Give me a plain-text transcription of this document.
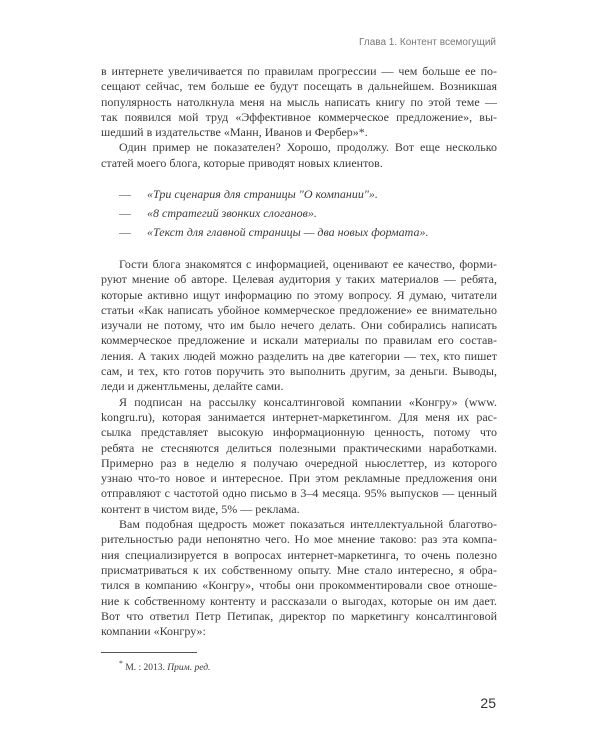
Глава 1. Контент всемогущий
в интернете увеличивается по правилам прогрессии — чем больше ее по-
сещают сейчас, тем больше ее будут посещать в дальнейшем. Возникшая
популярность натолкнула меня на мысль написать книгу по этой теме —
так появился мой труд «Эффективное коммерческое предложение», вы-
шедший в издательстве «Манн, Иванов и Фербер»*.
Один пример не показателен? Хорошо, продолжу. Вот еще несколько
статей моего блога, которые приводят новых клиентов.
— «Три сценария для страницы "О компании"».
— «8 стратегий звонких слоганов».
— «Текст для главной страницы — два новых формата».
Гости блога знакомятся с информацией, оценивают ее качество, форми-
руют мнение об авторе. Целевая аудитория у таких материалов — ребята,
которые активно ищут информацию по этому вопросу. Я думаю, читатели
статьи «Как написать убойное коммерческое предложение» ее внимательно
изучали не потому, что им было нечего делать. Они собирались написать
коммерческое предложение и искали материалы по правилам его состав-
ления. А таких людей можно разделить на две категории — тех, кто пишет
сам, и тех, кто готов поручить это выполнить другим, за деньги. Выводы,
леди и джентльмены, делайте сами.
Я подписан на рассылку консалтинговой компании «Конгру» (www.
kongru.ru), которая занимается интернет-маркетингом. Для меня их рас-
сылка представляет высокую информационную ценность, потому что
ребята не стесняются делиться полезными практическими наработками.
Примерно раз в неделю я получаю очередной ньюслеттер, из которого
узнаю что-то новое и интересное. При этом рекламные предложения они
отправляют с частотой одно письмо в 3–4 месяца. 95% выпусков — ценный
контент в чистом виде, 5% — реклама.
Вам подобная щедрость может показаться интеллектуальной благотво-
рительностью ради непонятно чего. Но мое мнение таково: раз эта компа-
ния специализируется в вопросах интернет-маркетинга, то очень полезно
присматриваться к их собственному опыту. Мне стало интересно, я обра-
тился в компанию «Конгру», чтобы они прокомментировали свое отноше-
ние к собственному контенту и рассказали о выгодах, которые он им дает.
Вот что ответил Петр Петипак, директор по маркетингу консалтинговой
компании «Конгру»:
* М. : 2013. Прим. ред.
25
